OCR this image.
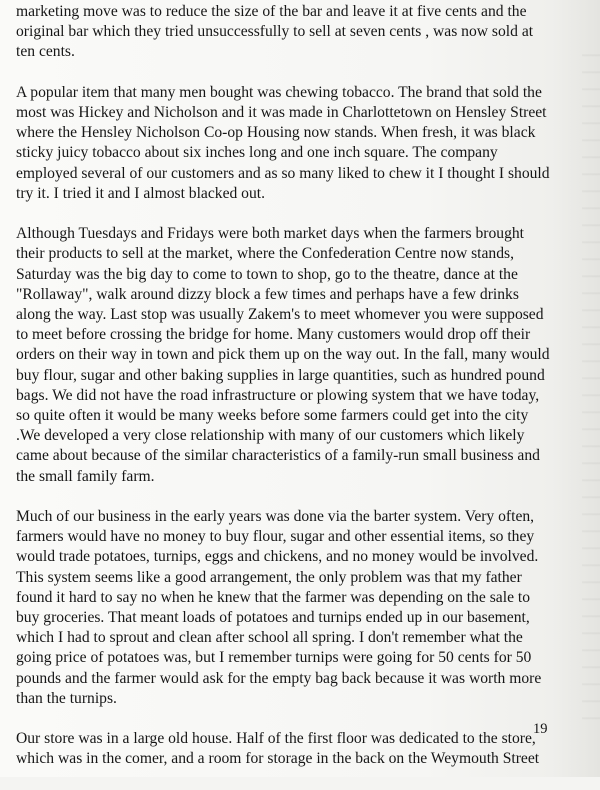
marketing move was to reduce the size of the bar and leave it at five cents and the
original bar which they tried unsuccessfully to sell at seven cents , was now sold at
ten cents.

A popular item that many men bought was chewing tobacco. The brand that sold the
most was Hickey and Nicholson and it was made in Charlottetown on Hensley Street
where the Hensley Nicholson Co-op Housing now stands. When fresh, it was black
sticky juicy tobacco about six inches long and one inch square. The company
employed several of our customers and as so many liked to chew it I thought I should
try it. I tried it and I almost blacked out.

Although Tuesdays and Fridays were both market days when the farmers brought
their products to sell at the market, where the Confederation Centre now stands,
Saturday was the big day to come to town to shop, go to the theatre, dance at the
"Rollaway", walk around dizzy block a few times and perhaps have a few drinks
along the way. Last stop was usually Zakem's to meet whomever you were supposed
to meet before crossing the bridge for home. Many customers would drop off their
orders on their way in town and pick them up on the way out. In the fall, many would
buy flour, sugar and other baking supplies in large quantities, such as hundred pound
bags. We did not have the road infrastructure or plowing system that we have today,
so quite often it would be many weeks before some farmers could get into the city
.We developed a very close relationship with many of our customers which likely
came about because of the similar characteristics of a family-run small business and
the small family farm.

Much of our business in the early years was done via the barter system. Very often,
farmers would have no money to buy flour, sugar and other essential items, so they
would trade potatoes, turnips, eggs and chickens, and no money would be involved.
This system seems like a good arrangement, the only problem was that my father
found it hard to say no when he knew that the farmer was depending on the sale to
buy groceries. That meant loads of potatoes and turnips ended up in our basement,
which I had to sprout and clean after school all spring. I don't remember what the
going price of potatoes was, but I remember turnips were going for 50 cents for 50
pounds and the farmer would ask for the empty bag back because it was worth more
than the turnips.

Our store was in a large old house. Half of the first floor was dedicated to the store,
which was in the comer, and a room for storage in the back on the Weymouth Street

19
